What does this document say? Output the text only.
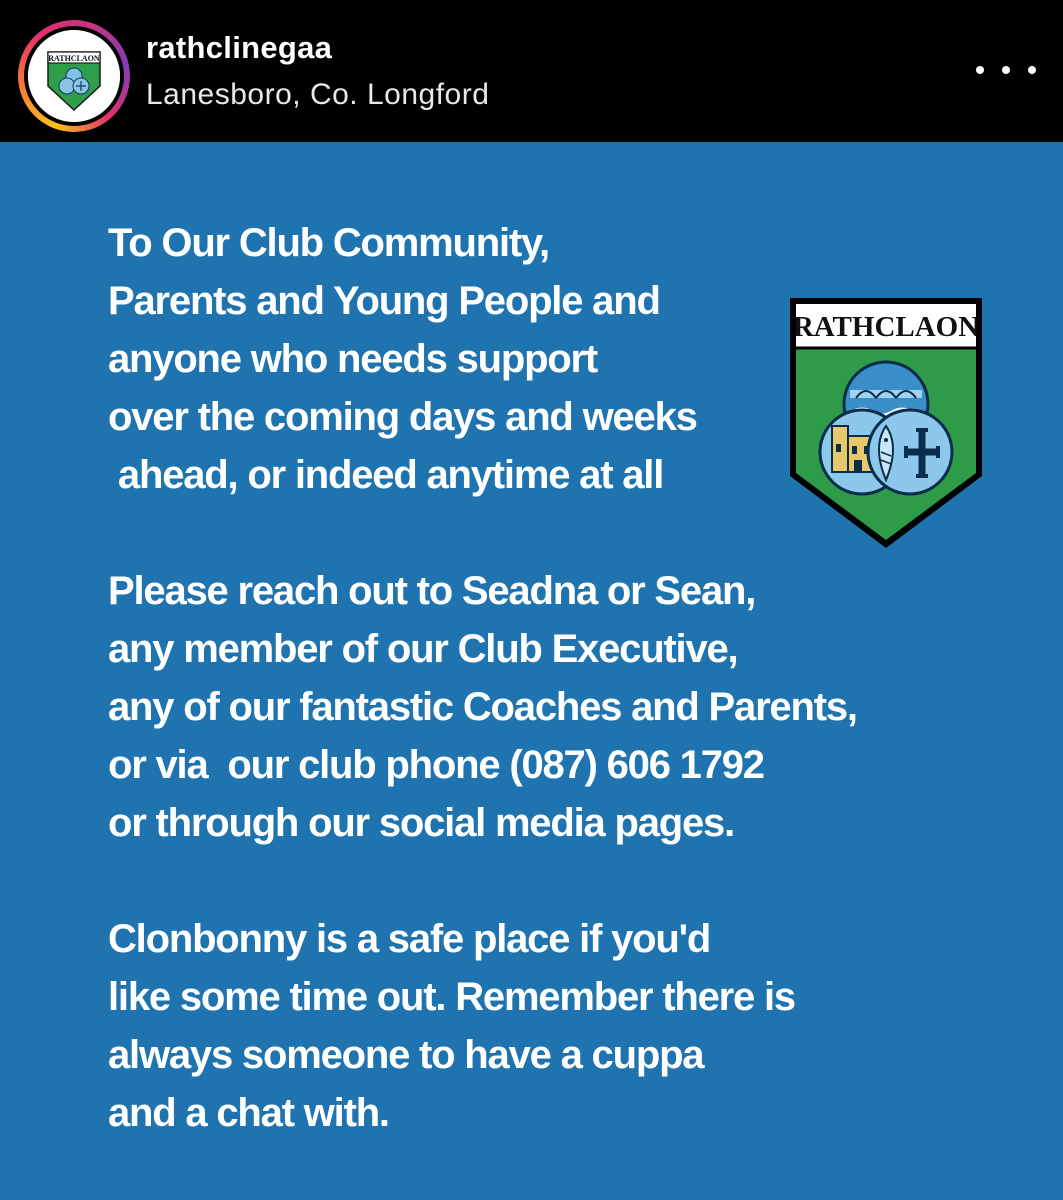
RATHCLAON rathclinegaa
Lanesboro, Co. Longford
To Our Club Community,
Parents and Young People and
anyone who needs support
over the coming days and weeks
ahead, or indeed anytime at all
Please reach out to Seadna or Sean,
any member of our Club Executive,
any of our fantastic Coaches and Parents,
or via  our club phone (087) 606 1792
or through our social media pages.
Clonbonny is a safe place if you'd
like some time out. Remember there is
always someone to have a cuppa
and a chat with.
RATHCLAON
